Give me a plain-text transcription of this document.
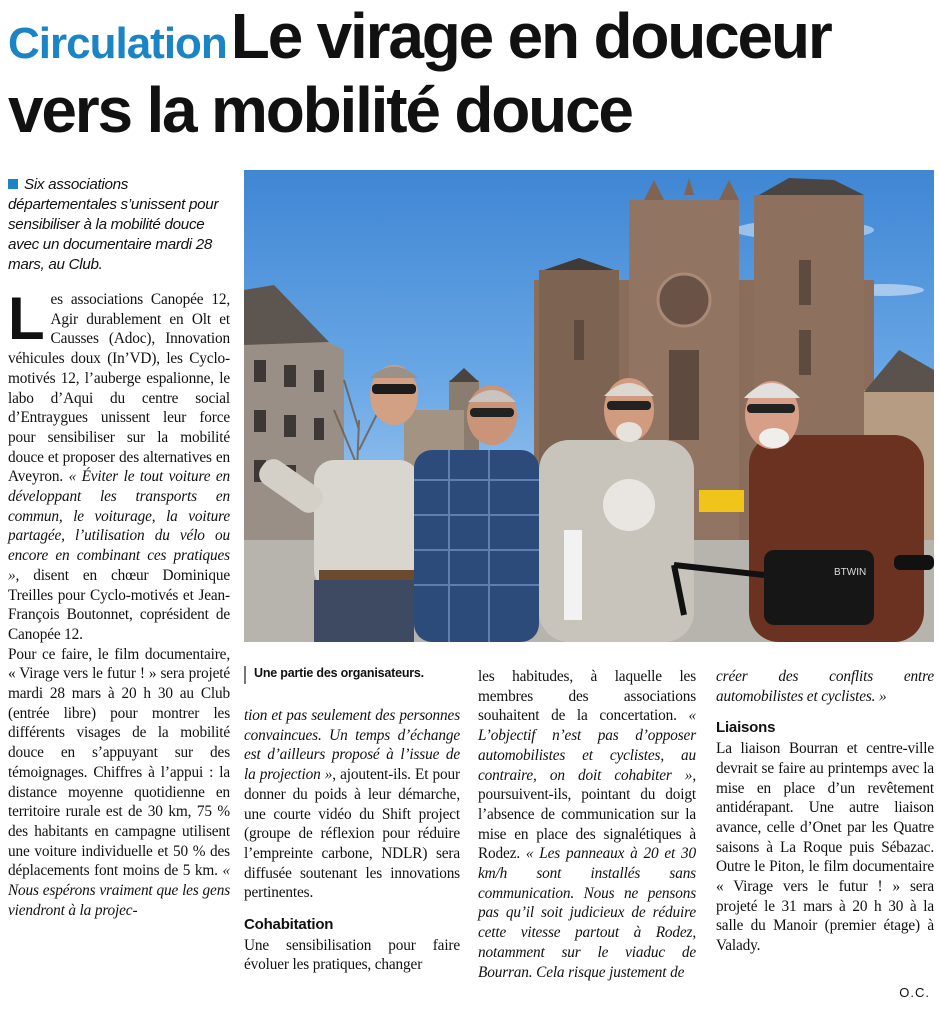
Circulation Le virage en douceur
vers la mobilité douce
Six associations départementales s’unissent pour sensibiliser à la mobilité douce avec un documentaire mardi 28 mars, au Club.
BTWIN
Une partie des organisateurs.

Les associations Canopée 12, Agir durablement en Olt et Causses (Adoc), Innovation véhicules doux (In’VD), les Cyclo-motivés 12, l’auberge espalionne, le labo d’Aqui du centre social d’Entraygues unissent leur force pour sensibiliser sur la mobilité douce et proposer des alternatives en Aveyron. « Éviter le tout voiture en développant les transports en commun, le voiturage, la voiture partagée, l’utilisation du vélo ou encore en combinant ces pratiques », disent en chœur Dominique Treilles pour Cyclo-motivés et Jean-François Boutonnet, coprésident de Canopée 12.

Pour ce faire, le film documentaire, « Virage vers le futur ! » sera projeté mardi 28 mars à 20 h 30 au Club (entrée libre) pour montrer les différents visages de la mobilité douce en s’appuyant sur des témoignages. Chiffres à l’appui : la distance moyenne quotidienne en territoire rurale est de 30 km, 75 % des habitants en campagne utilisent une voiture individuelle et 50 % des déplacements font moins de 5 km. « Nous espérons vraiment que les gens viendront à la projec-

tion et pas seulement des personnes convaincues. Un temps d’échange est d’ailleurs proposé à l’issue de la projection », ajoutent-ils. Et pour donner du poids à leur démarche, une courte vidéo du Shift project (groupe de réflexion pour réduire l’empreinte carbone, NDLR) sera diffusée soutenant les innovations pertinentes.

Cohabitation

Une sensibilisation pour faire évoluer les pratiques, changer

les habitudes, à laquelle les membres des associations souhaitent de la concertation. « L’objectif n’est pas d’opposer automobilistes et cyclistes, au contraire, on doit cohabiter », poursuivent-ils, pointant du doigt l’absence de communication sur la mise en place des signalétiques à Rodez. « Les panneaux à 20 et 30 km/h sont installés sans communication. Nous ne pensons pas qu’il soit judicieux de réduire cette vitesse partout à Rodez, notamment sur le viaduc de Bourran. Cela risque justement de

créer des conflits entre automobilistes et cyclistes. »

Liaisons

La liaison Bourran et centre-ville devrait se faire au printemps avec la mise en place d’un revêtement antidérapant. Une autre liaison avance, celle d’Onet par les Quatre saisons à La Roque puis Sébazac. Outre le Piton, le film documentaire « Virage vers le futur ! » sera projeté le 31 mars à 20 h 30 à la salle du Manoir (premier étage) à Valady.

O.C.
